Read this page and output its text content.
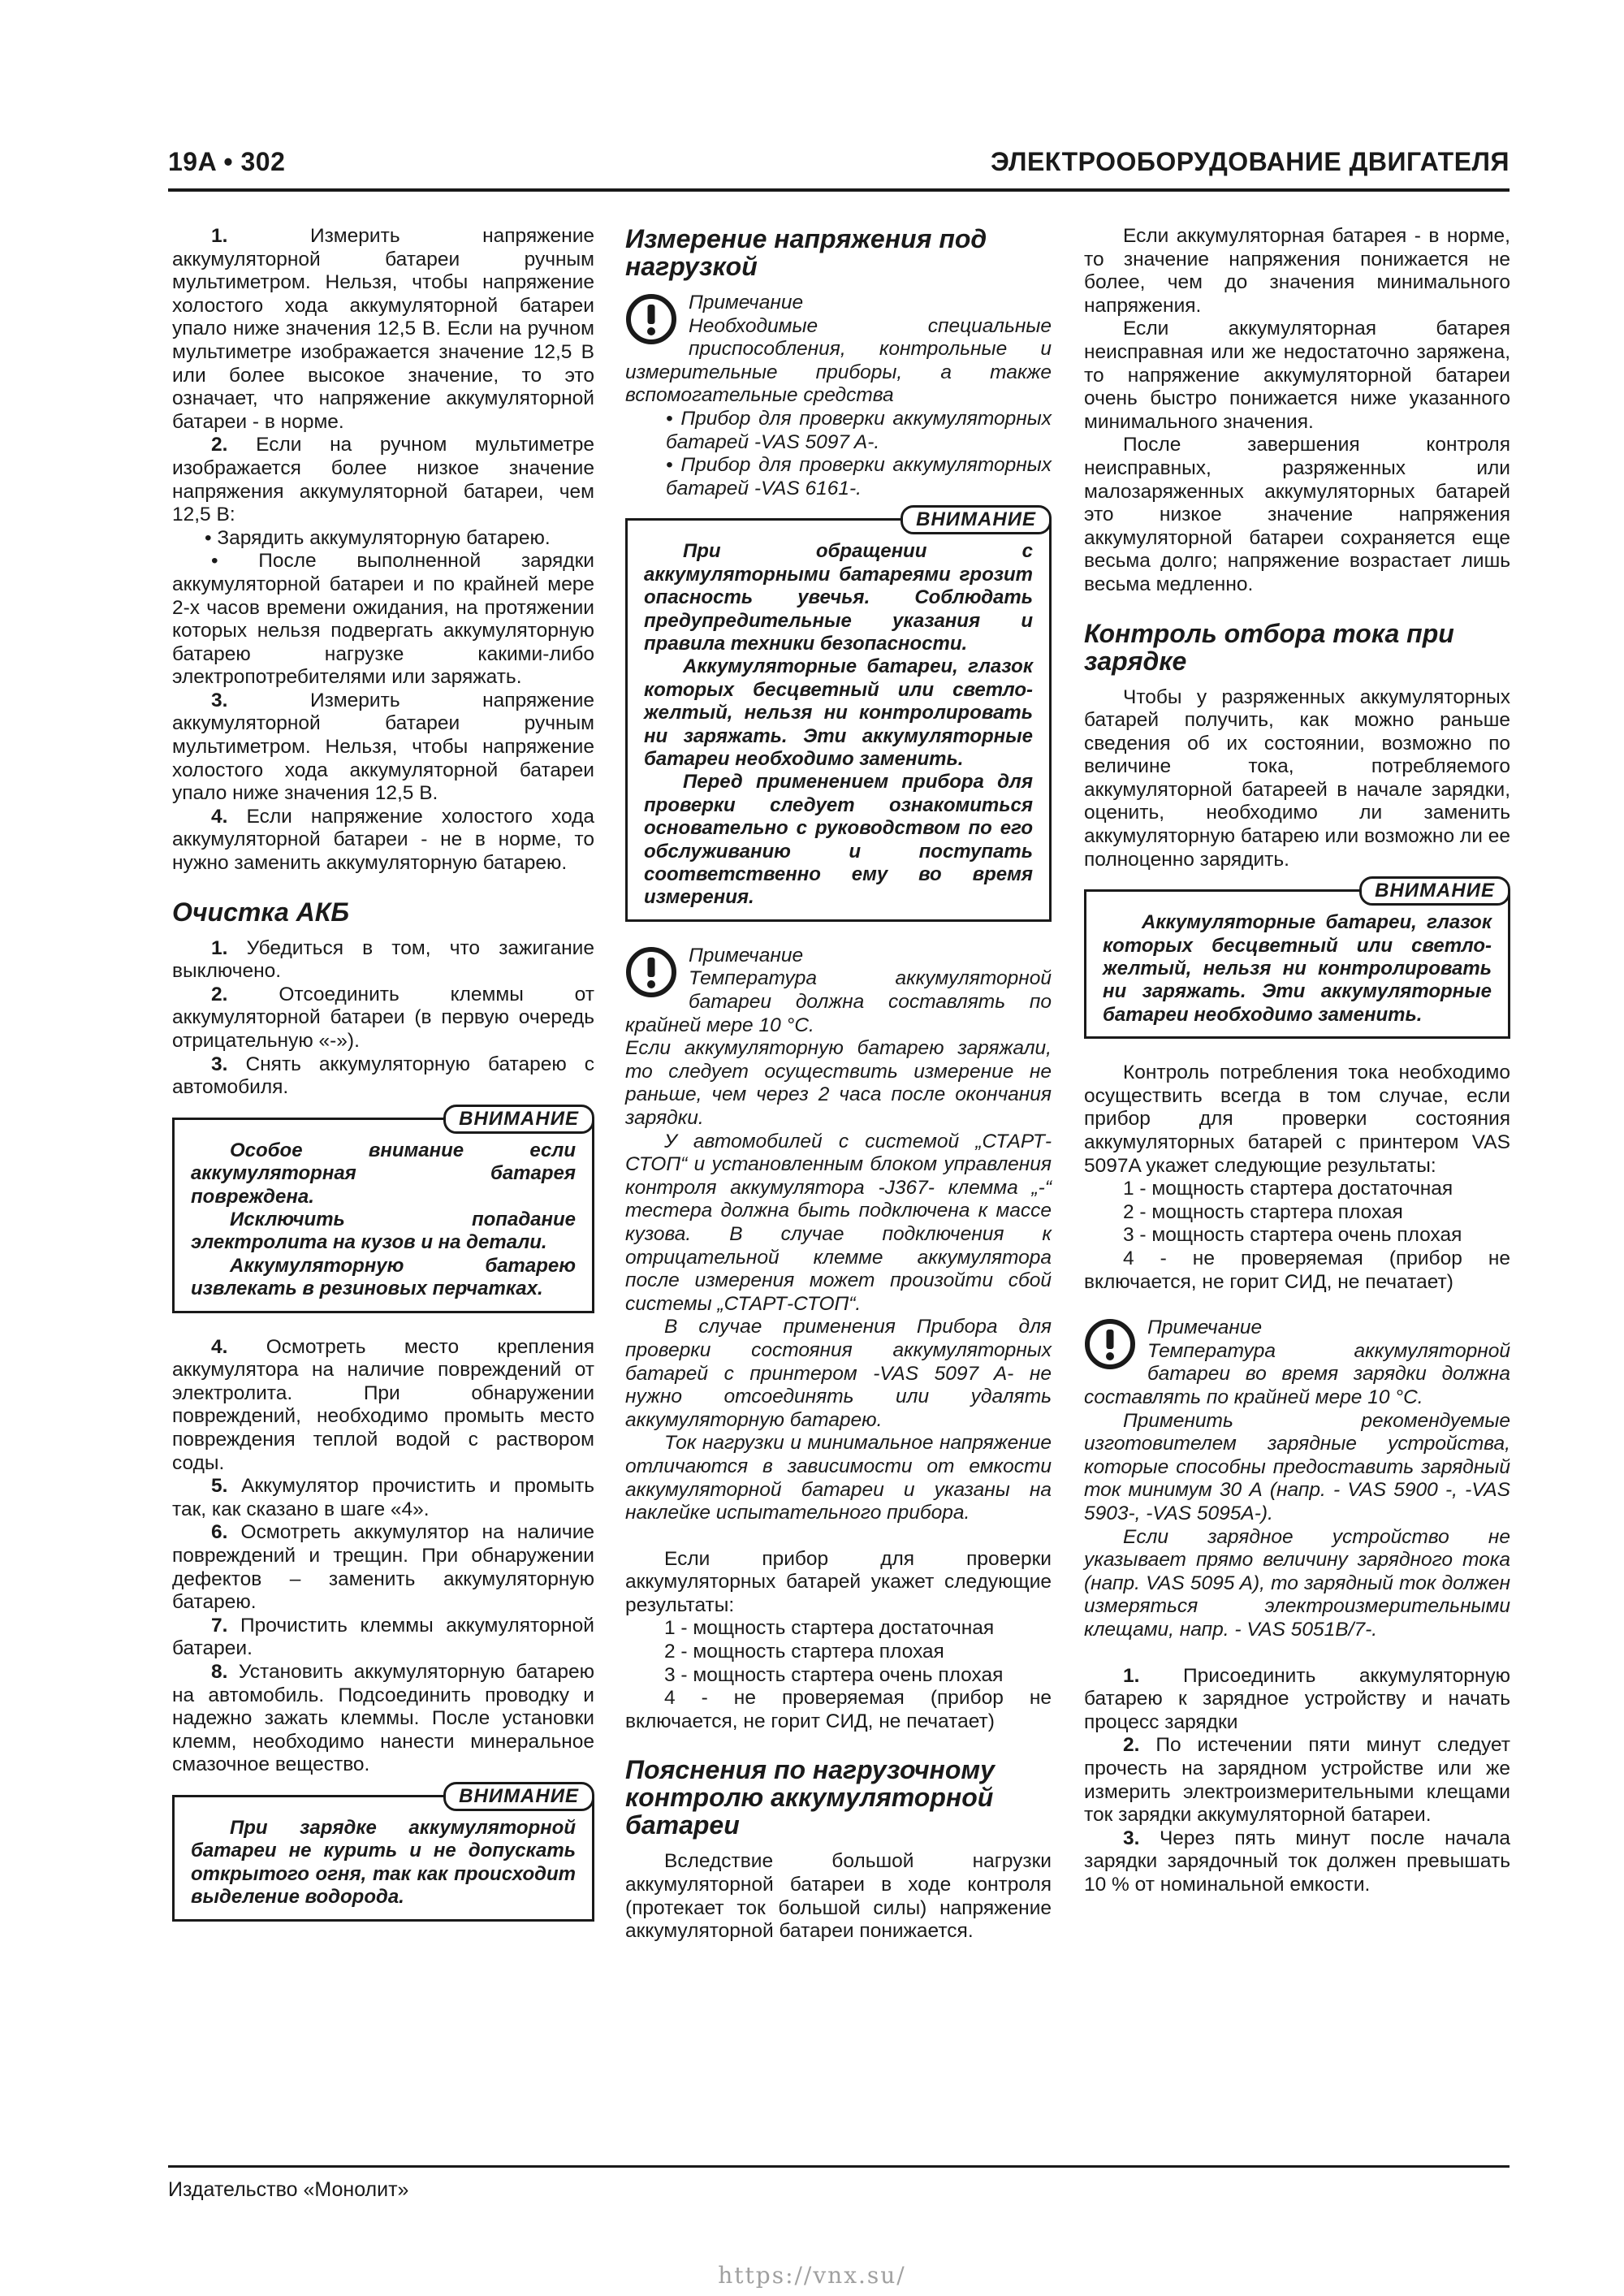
19A • 302	ЭЛЕКТРООБОРУДОВАНИЕ ДВИГАТЕЛЯ

1.	Измерить напряжение аккумуляторной батареи ручным мультиметром. Нельзя, чтобы напряжение холостого хода аккумуляторной батареи упало ниже значения 12,5 В. Если на ручном мультиметре изображается значение 12,5 В или более высокое значение, то это означает, что напряжение аккумуляторной батареи - в норме.

2. Если на ручном мультиметре изображается более низкое значение напряжения аккумуляторной батареи, чем 12,5 В:

• Зарядить аккумуляторную батарею.

• После выполненной зарядки аккумуляторной батареи и по крайней мере 2-х часов времени ожидания, на протяжении которых нельзя подвергать аккумуляторную батарею нагрузке какими-либо электропотребителями или заряжать.

3.	Измерить напряжение аккумуляторной батареи ручным мультиметром. Нельзя, чтобы напряжение холостого хода аккумуляторной батареи упало ниже значения 12,5 В.

4. Если напряжение холостого хода аккумуляторной батареи - не в норме, то нужно заменить аккумуляторную батарею.

Очистка АКБ

1. Убедиться в том, что зажигание выключено.

2.	Отсоединить клеммы от аккумуляторной батареи (в первую очередь отрицательную «-»).

3. Снять аккумуляторную батарею с автомобиля.

ВНИМАНИЕ

Особое внимание если аккумуляторная батарея повреждена.

Исключить попадание электролита на кузов и на детали.

Аккумуляторную батарею извлекать в резиновых перчатках.

4. Осмотреть место крепления аккумулятора на наличие повреждений от электролита. При обнаружении повреждений, необходимо промыть место повреждения теплой водой с раствором соды.

5. Аккумулятор прочистить и промыть так, как сказано в шаге «4».

6. Осмотреть аккумулятор на наличие повреждений и трещин. При обнаружении дефектов – заменить аккумуляторную батарею.

7. Прочистить клеммы аккумуляторной батареи.

8. Установить аккумуляторную батарею на автомобиль. Подсоединить проводку и надежно зажать клеммы. После установки клемм, необходимо нанести минеральное смазочное вещество.

ВНИМАНИЕ

При зарядке аккумуляторной батареи не курить и не допускать открытого огня, так как происходит выделение водорода.

Измерение напряжения под нагрузкой

Примечание

Необходимые специальные приспособления, контрольные и измерительные приборы, а также вспомогательные средства

• Прибор для проверки аккумуляторных батарей -VAS 5097 A-.

• Прибор для проверки аккумуляторных батарей -VAS 6161-.

ВНИМАНИЕ

При обращении с аккумуляторными батареями грозит опасность увечья. Соблюдать предупредительные указания и правила техники безопасности.

Аккумуляторные батареи, глазок которых бесцветный или светло-желтый, нельзя ни контролировать ни заряжать. Эти аккумуляторные батареи необходимо заменить.

Перед применением прибора для проверки следует ознакомиться основательно с руководством по его обслуживанию и поступать соответственно ему во время измерения.

Примечание

Температура аккумуляторной батареи должна составлять по крайней мере 10 °C.

Если аккумуляторную батарею заряжали, то следует осуществить измерение не раньше, чем через 2 часа после окончания зарядки.

У автомобилей с системой „СТАРТ-СТОП“ и установленным блоком управления контроля аккумулятора -J367- клемма „-“ тестера должна быть подключена к массе кузова. В случае подключения к отрицательной клемме аккумулятора после измерения может произойти сбой системы „СТАРТ-СТОП“.

В случае применения Прибора для проверки состояния аккумуляторных батарей с принтером -VAS 5097 A- не нужно отсоединять или удалять аккумуляторную батарею.

Ток нагрузки и минимальное напряжение отличаются в зависимости от емкости аккумуляторной батареи и указаны на наклейке испытательного прибора.

Если прибор для проверки аккумуляторных батарей укажет следующие результаты:

1 - мощность стартера достаточная

2 - мощность стартера плохая

3 - мощность стартера очень плохая

4 - не проверяемая (прибор не включается, не горит СИД, не печатает)

Пояснения по нагрузочному контролю аккумуляторной батареи

Вследствие большой нагрузки аккумуляторной батареи в ходе контроля (протекает ток большой силы) напряжение аккумуляторной батареи понижается.

Если аккумуляторная батарея - в норме, то значение напряжения понижается не более, чем до значения минимального напряжения.

Если аккумуляторная батарея неисправная или же недостаточно заряжена, то напряжение аккумуляторной батареи очень быстро понижается ниже указанного минимального значения.

После завершения контроля неисправных, разряженных или малозаряженных аккумуляторных батарей это низкое значение напряжения аккумуляторной батареи сохраняется еще весьма долго; напряжение возрастает лишь весьма медленно.

Контроль отбора тока при зарядке

Чтобы у разряженных аккумуляторных батарей получить, как можно раньше сведения об их состоянии, возможно по величине тока, потребляемого аккумуляторной батареей в начале зарядки, оценить, необходимо ли заменить аккумуляторную батарею или возможно ли ее полноценно зарядить.

ВНИМАНИЕ

Аккумуляторные батареи, глазок которых бесцветный или светло-желтый, нельзя ни контролировать ни заряжать. Эти аккумуляторные батареи необходимо заменить.

Контроль потребления тока необходимо осуществить всегда в том случае, если прибор для проверки состояния аккумуляторных батарей с принтером VAS 5097A укажет следующие результаты:

1 - мощность стартера достаточная

2 - мощность стартера плохая

3 - мощность стартера очень плохая

4 - не проверяемая (прибор не включается, не горит СИД, не печатает)

Примечание

Температура аккумуляторной батареи во время зарядки должна составлять по крайней мере 10 °C.

Применить рекомендуемые изготовителем зарядные устройства, которые способны предоставить зарядный ток минимум 30 А (напр. - VAS 5900 -, -VAS 5903-, -VAS 5095A-).

Если зарядное устройство не указывает прямо величину зарядного тока (напр. VAS 5095 A), то зарядный ток должен измеряться электроизмерительными клещами, напр. - VAS 5051B/7-.

1. Присоединить аккумуляторную батарею к зарядное устройству и начать процесс зарядки

2. По истечении пяти минут следует прочесть на зарядном устройстве или же измерить электроизмерительными клещами ток зарядки аккумуляторной батареи.

3. Через пять минут после начала зарядки зарядочный ток должен превышать 10 % от номинальной емкости.

Издательство «Монолит»
https://vnx.su/
